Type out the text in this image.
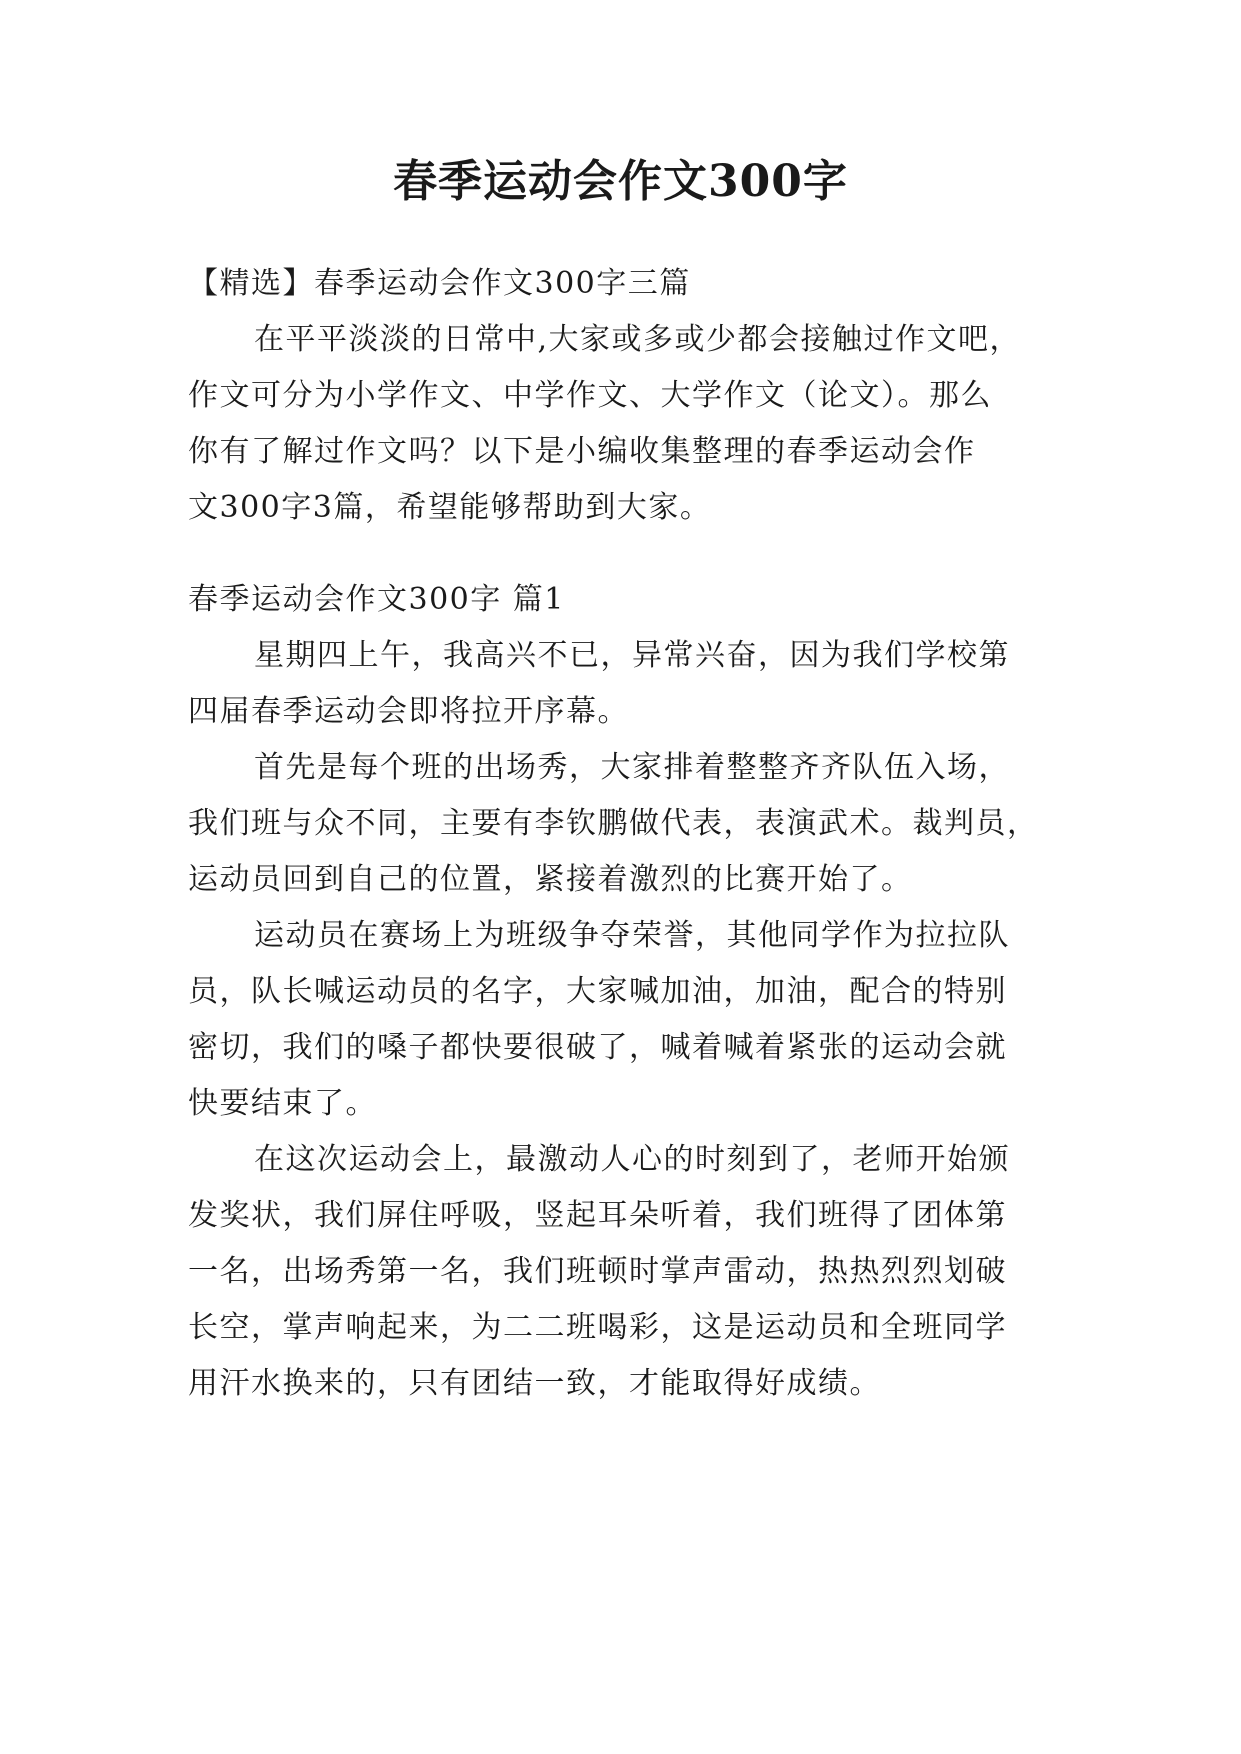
春季运动会作文300字
【精选】春季运动会作文300字三篇
在平平淡淡的日常中,大家或多或少都会接触过作文吧，
作文可分为小学作文、中学作文、大学作文（论文）。那么
你有了解过作文吗？以下是小编收集整理的春季运动会作
文300字3篇，希望能够帮助到大家。
春季运动会作文300字 篇1
星期四上午，我高兴不已，异常兴奋，因为我们学校第
四届春季运动会即将拉开序幕。
首先是每个班的出场秀，大家排着整整齐齐队伍入场，
我们班与众不同，主要有李钦鹏做代表，表演武术。裁判员，
运动员回到自己的位置，紧接着激烈的比赛开始了。
运动员在赛场上为班级争夺荣誉，其他同学作为拉拉队
员，队长喊运动员的名字，大家喊加油，加油，配合的特别
密切，我们的嗓子都快要很破了，喊着喊着紧张的运动会就
快要结束了。
在这次运动会上，最激动人心的时刻到了，老师开始颁
发奖状，我们屏住呼吸，竖起耳朵听着，我们班得了团体第
一名，出场秀第一名，我们班顿时掌声雷动，热热烈烈划破
长空，掌声响起来，为二二班喝彩，这是运动员和全班同学
用汗水换来的，只有团结一致，才能取得好成绩。
